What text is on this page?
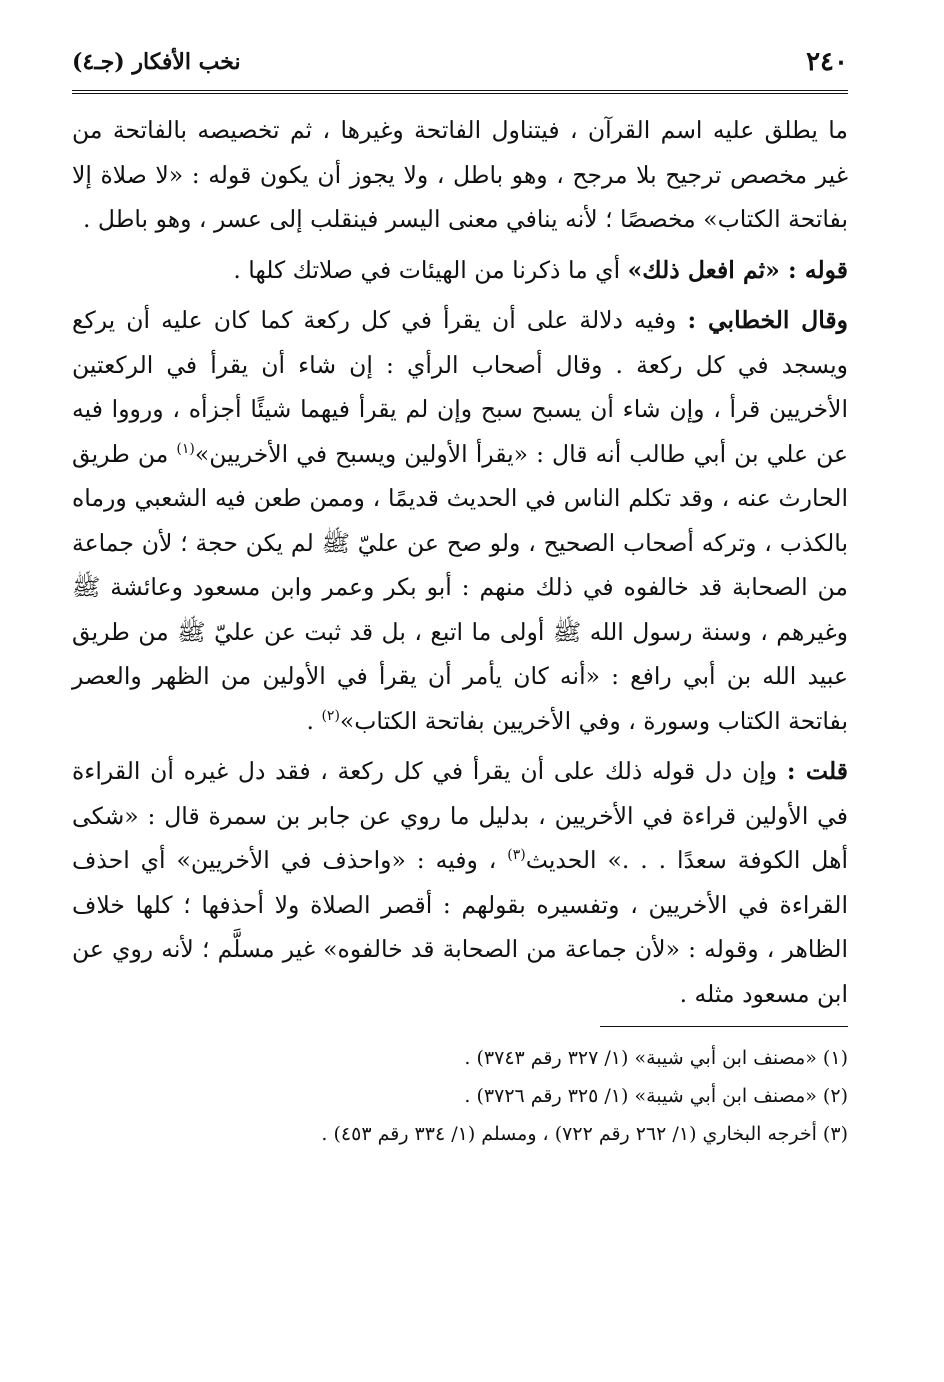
٢٤٠
نخب الأفكار (جـ٤)

ما يطلق عليه اسم القرآن ، فيتناول الفاتحة وغيرها ، ثم تخصيصه بالفاتحة من غير مخصص ترجيح بلا مرجح ، وهو باطل ، ولا يجوز أن يكون قوله : «لا صلاة إلا بفاتحة الكتاب» مخصصًا ؛ لأنه ينافي معنى اليسر فينقلب إلى عسر ، وهو باطل .

قوله : «ثم افعل ذلك» أي ما ذكرنا من الهيئات في صلاتك كلها .

وقال الخطابي : وفيه دلالة على أن يقرأ في كل ركعة كما كان عليه أن يركع ويسجد في كل ركعة . وقال أصحاب الرأي : إن شاء أن يقرأ في الركعتين الأخريين قرأ ، وإن شاء أن يسبح سبح وإن لم يقرأ فيهما شيئًا أجزأه ، ورووا فيه عن علي بن أبي طالب أنه قال : «يقرأ الأولين ويسبح في الأخريين»$^{(١)}$ من طريق الحارث عنه ، وقد تكلم الناس في الحديث قديمًا ، وممن طعن فيه الشعبي ورماه بالكذب ، وتركه أصحاب الصحيح ، ولو صح عن عليّ ﷺ لم يكن حجة ؛ لأن جماعة من الصحابة قد خالفوه في ذلك منهم : أبو بكر وعمر وابن مسعود وعائشة ﷺ وغيرهم ، وسنة رسول الله ﷺ أولى ما اتبع ، بل قد ثبت عن عليّ ﷺ من طريق عبيد الله بن أبي رافع : «أنه كان يأمر أن يقرأ في الأولين من الظهر والعصر بفاتحة الكتاب وسورة ، وفي الأخريين بفاتحة الكتاب»$^{(٢)}$ .

قلت : وإن دل قوله ذلك على أن يقرأ في كل ركعة ، فقد دل غيره أن القراءة في الأولين قراءة في الأخريين ، بدليل ما روي عن جابر بن سمرة قال : «شكى أهل الكوفة سعدًا . . .» الحديث$^{(٣)}$ ، وفيه : «واحذف في الأخريين» أي احذف القراءة في الأخريين ، وتفسيره بقولهم : أقصر الصلاة ولا أحذفها ؛ كلها خلاف الظاهر ، وقوله : «لأن جماعة من الصحابة قد خالفوه» غير مسلَّم ؛ لأنه روي عن ابن مسعود مثله .

(١) «مصنف ابن أبي شيبة» (١/ ٣٢٧ رقم ٣٧٤٣) .
(٢) «مصنف ابن أبي شيبة» (١/ ٣٢٥ رقم ٣٧٢٦) .
(٣) أخرجه البخاري (١/ ٢٦٢ رقم ٧٢٢) ، ومسلم (١/ ٣٣٤ رقم ٤٥٣) .
